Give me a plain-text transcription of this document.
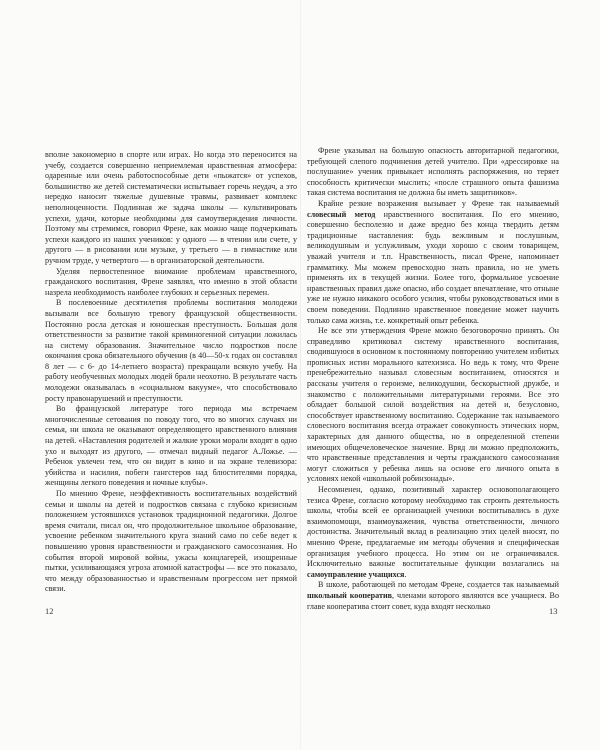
вполне закономерно в спорте или играх. Но когда это переносится на учебу, создается совершенно неприемлемая нравственная атмосфера: одаренные или очень работоспособные дети «пыжатся» от успехов, большинство же детей систематически испытывает горечь неудач, а это нередко наносит тяжелые душевные травмы, развивает комплекс неполноценности. Подлинная же задача школы — культивировать успехи, удачи, которые необходимы для самоутверждения личности. Поэтому мы стремимся, говорил Френе, как можно чаще подчеркивать успехи каждого из наших учеников: у одного — в чтении или счете, у другого — в рисовании или музыке, у третьего — в гимнастике или ручном труде, у четвертого — в организаторской деятельности.

Уделяя первостепенное внимание проблемам нравственного, гражданского воспитания, Френе заявлял, что именно в этой области назрела необходимость наиболее глубоких и серьезных перемен.

В послевоенные десятилетия проблемы воспитания молодежи вызывали все большую тревогу французской общественности. Постоянно росла детская и юношеская преступность. Большая доля ответственности за развитие такой криминогенной ситуации ложилась на систему образования. Значительное число подростков после окончания срока обязательного обучения (в 40—50-х годах он составлял 8 лет — с 6- до 14-летнего возраста) прекращали всякую учебу. На работу необученных молодых людей брали неохотно. В результате часть молодежи оказывалась в «социальном вакууме», что способствовало росту правонарушений и преступности.

Во французской литературе того периода мы встречаем многочисленные сетования по поводу того, что во многих случаях ни семья, ни школа не оказывают определяющего нравственного влияния на детей. «Наставления родителей и жалкие уроки морали входят в одно ухо и выходят из другого, — отмечал видный педагог А.Ложье. — Ребенок увлечен тем, что он видит в кино и на экране телевизора: убийства и насилия, побеги гангстеров над блюстителями порядка, женщины легкого поведения и ночные клубы».

По мнению Френе, неэффективность воспитательных воздействий семьи и школы на детей и подростков связана с глубоко кризисным положением устоявшихся установок традиционной педагогики. Долгое время считали, писал он, что продолжительное школьное образование, усвоение ребенком значительного круга знаний само по себе ведет к повышению уровня нравственности и гражданского самосознания. Но события второй мировой войны, ужасы концлагерей, изощренные пытки, усиливающаяся угроза атомной катастрофы — все это показало, что между образованностью и нравственным прогрессом нет прямой связи.

12

Френе указывал на большую опасность авторитарной педагогики, требующей слепого подчинения детей учителю. При «дрессировке на послушание» ученик привыкает исполнять распоряжения, но теряет способность критически мыслить; «после страшного опыта фашизма такая система воспитания не должна бы иметь защитников».

Крайне резкие возражения вызывает у Френе так называемый словесный метод нравственного воспитания. По его мнению, совершенно бесполезно и даже вредно без конца твердить детям традиционные наставления: будь вежливым и послушным, великодушным и услужливым, уходи хорошо с своим товарищем, уважай учителя и т.п. Нравственность, писал Френе, напоминает грамматику. Мы можем превосходно знать правила, но не уметь применять их в текущей жизни. Более того, формальное усвоение нравственных правил даже опасно, ибо создает впечатление, что отныне уже не нужно никакого особого усилия, чтобы руководствоваться ими в своем поведении. Подлинно нравственное поведение может научить только сама жизнь, т.е. конкретный опыт ребенка.

Не все эти утверждения Френе можно безоговорочно принять. Он справедливо критиковал систему нравственного воспитания, сводившуюся в основном к постоянному повторению учителем избитых прописных истин морального катехизиса. Но ведь к тому, что Френе пренебрежительно называл словесным воспитанием, относятся и рассказы учителя о героизме, великодушии, бескорыстной дружбе, и знакомство с положительными литературными героями. Все это обладает большой силой воздействия на детей и, безусловно, способствует нравственному воспитанию. Содержание так называемого словесного воспитания всегда отражает совокупность этических норм, характерных для данного общества, но в определенной степени имеющих общечеловеческое значение. Вряд ли можно предположить, что нравственные представления и черты гражданского самосознания могут сложиться у ребенка лишь на основе его личного опыта в условиях некой «школьной робинзонады».

Несомненен, однако, позитивный характер основополагающего тезиса Френе, согласно которому необходимо так строить деятельность школы, чтобы всей ее организацией ученики воспитывались в духе взаимопомощи, взаимоуважения, чувства ответственности, личного достоинства. Значительный вклад в реализацию этих целей вносят, по мнению Френе, предлагаемые им методы обучения и специфическая организация учебного процесса. Но этим он не ограничивался. Исключительно важные воспитательные функции возлагались на самоуправление учащихся.

В школе, работающей по методам Френе, создается так называемый школьный кооператив, членами которого являются все учащиеся. Во главе кооператива стоит совет, куда входят несколько	13
